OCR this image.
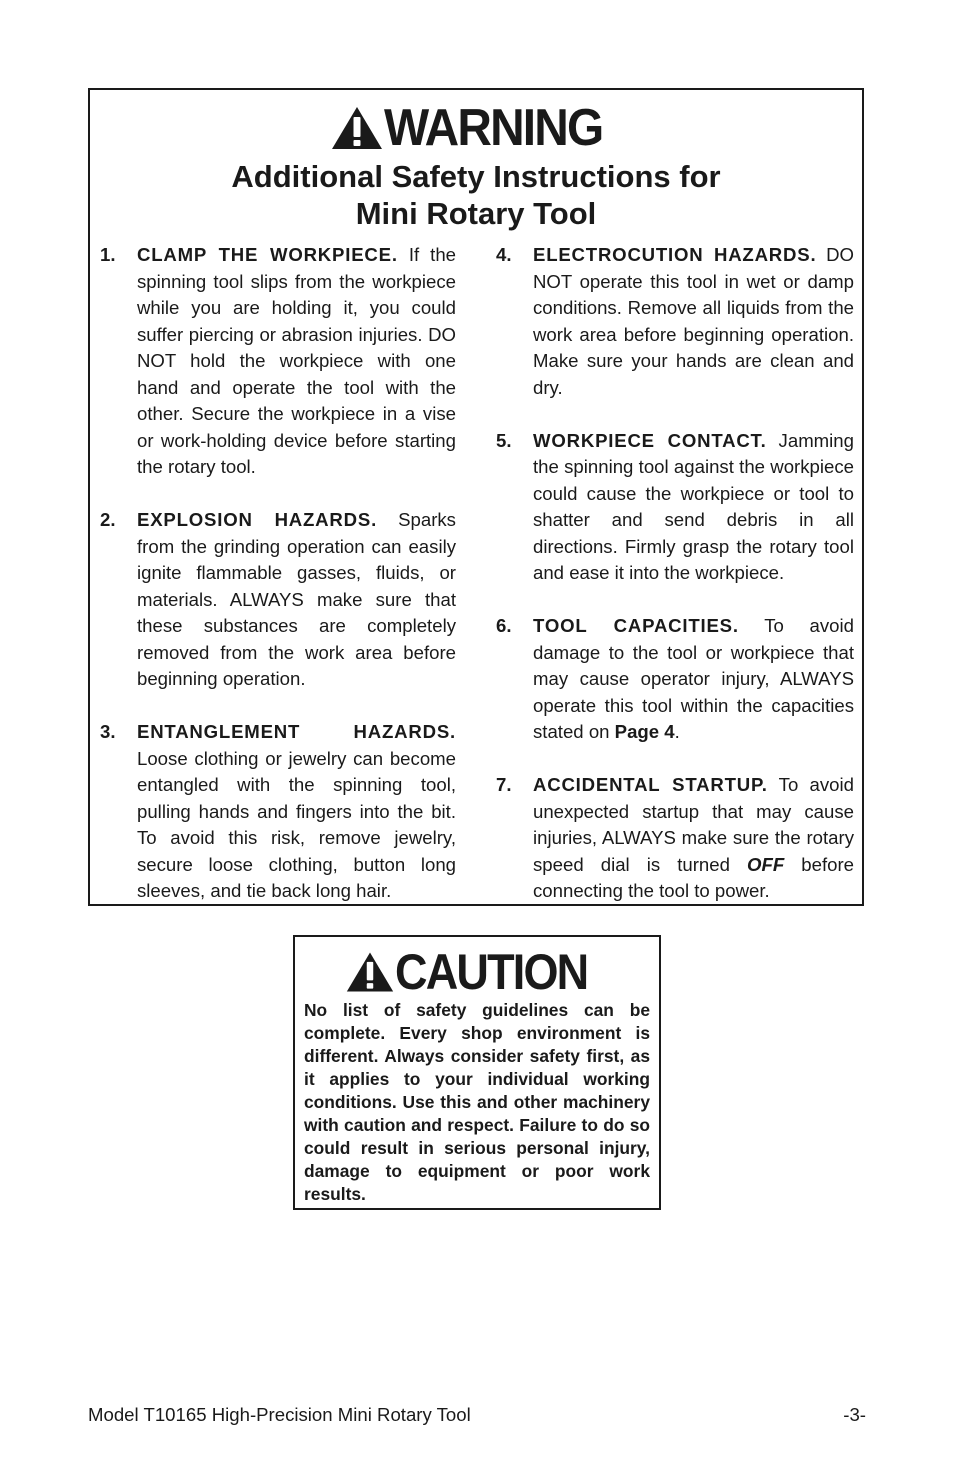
WARNING
Additional Safety Instructions for
Mini Rotary Tool
1.	CLAMP THE WORKPIECE. If the spinning tool slips from the workpiece while you are holding it, you could suffer piercing or abrasion injuries. DO NOT hold the workpiece with one hand and operate the tool with the other. Secure the workpiece in a vise or work-holding device before starting the rotary tool.
2.	EXPLOSION HAZARDS. Sparks from the grinding operation can easily ignite flammable gasses, fluids, or materials. ALWAYS make sure that these substances are completely removed from the work area before beginning operation.
3.	ENTANGLEMENT HAZARDS. Loose clothing or jewelry can become entangled with the spinning tool, pulling hands and fingers into the bit. To avoid this risk, remove jewelry, secure loose clothing, button long sleeves, and tie back long hair.
4.	ELECTROCUTION HAZARDS. DO NOT operate this tool in wet or damp conditions. Remove all liquids from the work area before beginning operation. Make sure your hands are clean and dry.
5.	WORKPIECE CONTACT. Jamming the spinning tool against the workpiece could cause the workpiece or tool to shatter and send debris in all directions. Firmly grasp the rotary tool and ease it into the workpiece.
6.	TOOL CAPACITIES. To avoid damage to the tool or workpiece that may cause operator injury, ALWAYS operate this tool within the capacities stated on Page 4.
7.	ACCIDENTAL STARTUP. To avoid unexpected startup that may cause injuries, ALWAYS make sure the rotary speed dial is turned OFF before connecting the tool to power.
CAUTION
No list of safety guidelines can be complete. Every shop environment is different. Always consider safety first, as it applies to your individual working conditions. Use this and other machinery with caution and respect. Failure to do so could result in serious personal injury, damage to equipment or poor work results.
Model T10165 High-Precision Mini Rotary Tool	-3-
